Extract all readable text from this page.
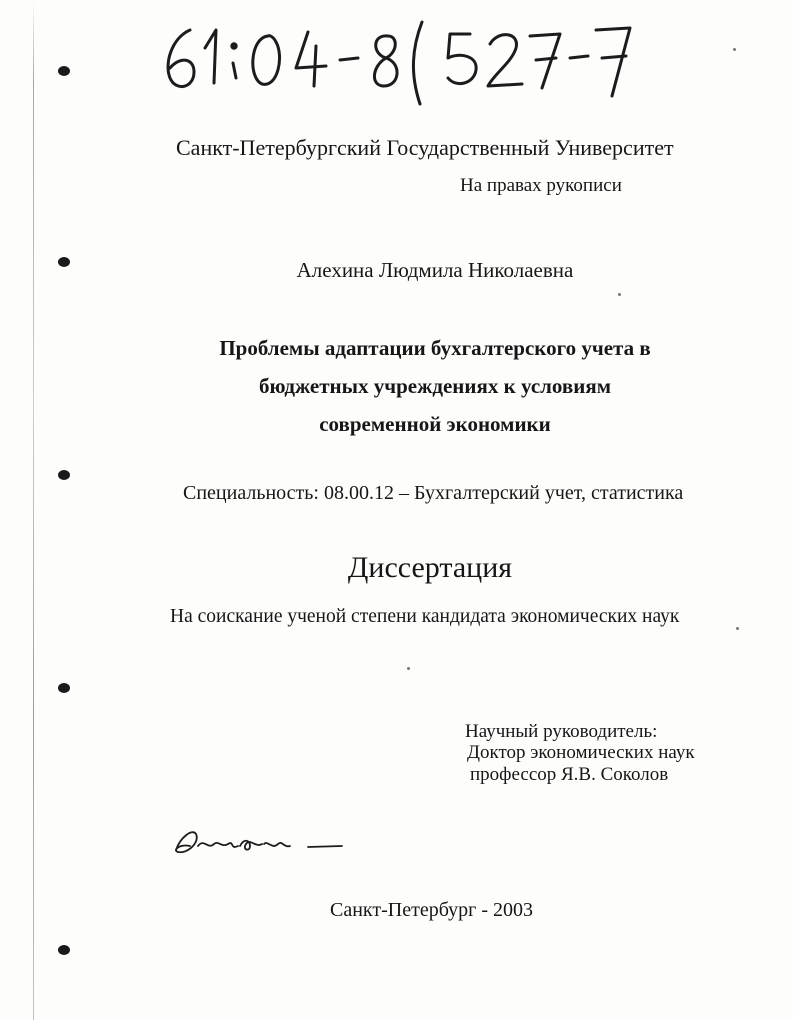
Санкт-Петербургский Государственный Университет
На правах рукописи
Алехина Людмила Николаевна
Проблемы адаптации бухгалтерского учета в
бюджетных учреждениях к условиям
современной экономики
Специальность: 08.00.12 – Бухгалтерский учет, статистика
Диссертация
На соискание ученой степени кандидата экономических наук
Научный руководитель:
Доктор экономических наук
профессор Я.В. Соколов
Санкт-Петербург - 2003
